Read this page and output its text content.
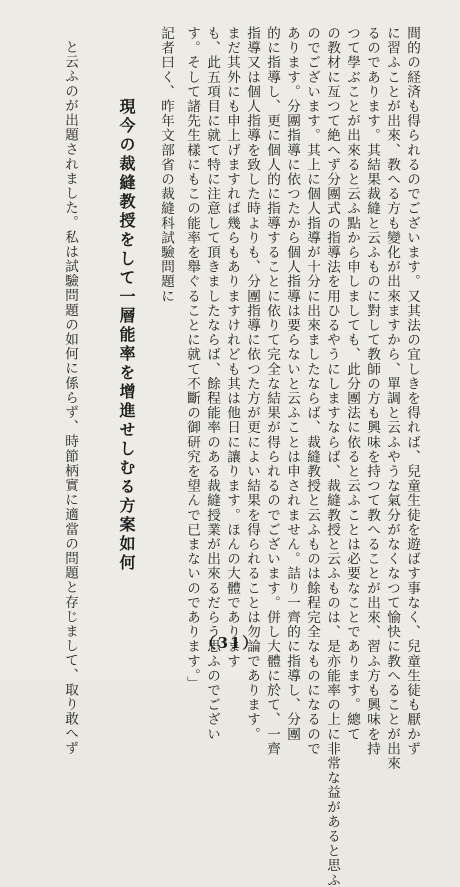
間的の経済も得られるのでございます。又其法の宜しきを得れば、兒童生徒を遊ばす事なく、兒童生徒も厭かず
に習ふことが出來、教へる方も變化が出來ますから、單調と云ふやうな氣分がなくなつて愉快に教へることが出來
るのであります。其結果裁縫と云ふものに對して教師の方も興味を持つて教へることが出來、習ふ方も興味を持
つて學ぶことが出來ると云ふ點から申しましても、此分團法に依ると云ふことは必要なことであります。總て
の教材に亙つて絶へず分團式の指導法を用ひるやうにしますならば、裁縫教授と云ふものは、是亦能率の上に非常な益があると思ふ
のでございます。其上に個人指導が十分に出來ましたならば、裁縫教授と云ふものは餘程完全なものになるので
あります。分團指導に依つたから個人指導は要らないと云ふことは申されません。詰り一齊的に指導し、分團
的に指導し、更に個人的に指導することに依りて完全な結果が得られるのでございます。併し大體に於て、一齊
指導又は個人指導を致した時よりも、分團指導に依つた方が更によい結果を得られることは勿論であります。
まだ其外にも申上げますれば幾らもありますけれども其は他日に讓ります。ほんの大體であります
も、此五項目に就て特に注意して頂きましたならば、餘程能率のある裁縫授業が出來るだらう思ふのでござい
す。そして諸先生樣にもこの能率を舉ぐることに就て不斷の御研究を望んで已まないのであります。」
記者曰く、昨年文部省の裁縫科試驗問題に
現今の裁縫教授をして一層能率を增進せしむる方案如何
と云ふのが出題されました。私は試驗問題の如何に係らず、時節柄實に適當の問題と存じまして、取り敢へず	（31）
